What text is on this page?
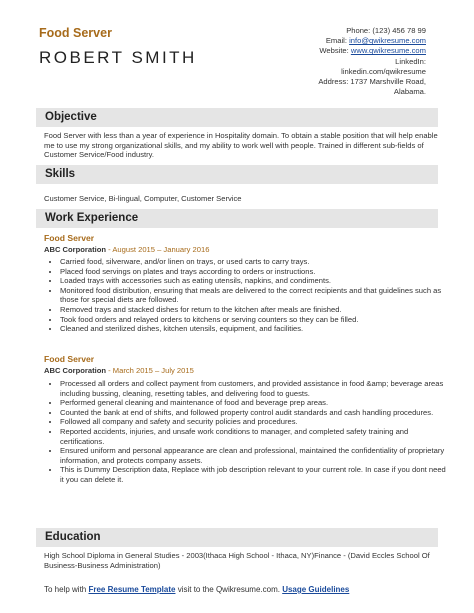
Food Server
ROBERT SMITH
Phone: (123) 456 78 99
Email: info@qwikresume.com
Website: www.qwikresume.com
LinkedIn:
linkedin.com/qwikresume
Address: 1737 Marshville Road,
Alabama.
Objective
Food Server with less than a year of experience in Hospitality domain. To obtain a stable position that will help enable me to use my strong organizational skills, and my ability to work well with people. Trained in different sub-fields of Customer Service/Food industry.
Skills
Customer Service, Bi-lingual, Computer, Customer Service
Work Experience
Food Server
ABC Corporation - August 2015 – January 2016
• Carried food, silverware, and/or linen on trays, or used carts to carry trays.
• Placed food servings on plates and trays according to orders or instructions.
• Loaded trays with accessories such as eating utensils, napkins, and condiments.
• Monitored food distribution, ensuring that meals are delivered to the correct recipients and that guidelines such as those for special diets are followed.
• Removed trays and stacked dishes for return to the kitchen after meals are finished.
• Took food orders and relayed orders to kitchens or serving counters so they can be filled.
• Cleaned and sterilized dishes, kitchen utensils, equipment, and facilities.
Food Server
ABC Corporation - March 2015 – July 2015
• Processed all orders and collect payment from customers, and provided assistance in food &amp; beverage areas including bussing, cleaning, resetting tables, and delivering food to guests.
• Performed general cleaning and maintenance of food and beverage prep areas.
• Counted the bank at end of shifts, and followed property control audit standards and cash handling procedures.
• Followed all company and safety and security policies and procedures.
• Reported accidents, injuries, and unsafe work conditions to manager, and completed safety training and certifications.
• Ensured uniform and personal appearance are clean and professional, maintained the confidentiality of proprietary information, and protects company assets.
• This is Dummy Description data, Replace with job description relevant to your current role. In case if you dont need it you can delete it.
Education
High School Diploma in General Studies - 2003(Ithaca High School - Ithaca, NY)Finance - (David Eccles School Of Business-Business Administration)
To help with Free Resume Template visit to the Qwikresume.com. Usage Guidelines
